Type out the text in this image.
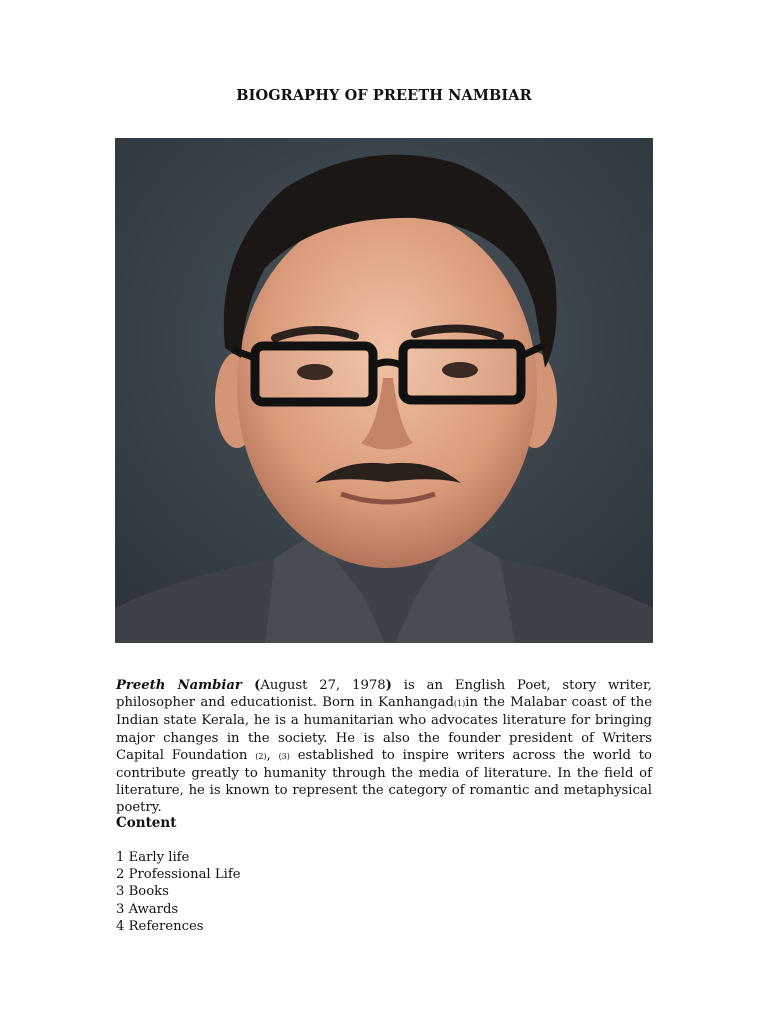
BIOGRAPHY OF PREETH NAMBIAR
Preeth Nambiar (August 27, 1978) is an English Poet, story writer, philosopher and educationist. Born in Kanhangad(1)in the Malabar coast of the Indian state Kerala, he is a humanitarian who advocates literature for bringing major changes in the society. He is also the founder president of Writers Capital Foundation (2), (3) established to inspire writers across the world to contribute greatly to humanity through the media of literature. In the field of literature, he is known to represent the category of romantic and metaphysical poetry.
Content
1 Early life
2 Professional Life
3 Books
3 Awards
4 References
